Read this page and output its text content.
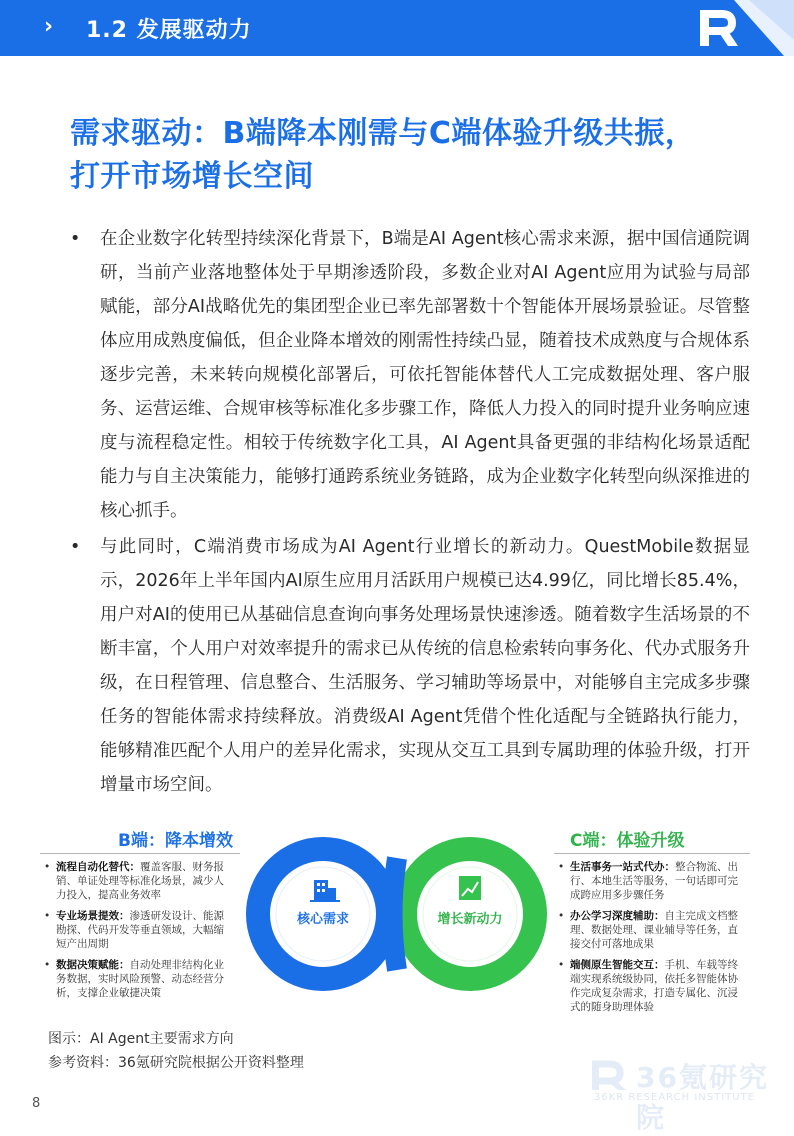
› 1.2 发展驱动力
需求驱动：B端降本刚需与C端体验升级共振，
打开市场增长空间
• 在企业数字化转型持续深化背景下，B端是AI Agent核心需求来源，据中国信通院调研，当前产业落地整体处于早期渗透阶段，多数企业对AI Agent应用为试验与局部赋能，部分AI战略优先的集团型企业已率先部署数十个智能体开展场景验证。尽管整体应用成熟度偏低，但企业降本增效的刚需性持续凸显，随着技术成熟度与合规体系逐步完善，未来转向规模化部署后，可依托智能体替代人工完成数据处理、客户服务、运营运维、合规审核等标准化多步骤工作，降低人力投入的同时提升业务响应速度与流程稳定性。相较于传统数字化工具，AI Agent具备更强的非结构化场景适配能力与自主决策能力，能够打通跨系统业务链路，成为企业数字化转型向纵深推进的核心抓手。
• 与此同时，C端消费市场成为AI Agent行业增长的新动力。QuestMobile数据显示，2026年上半年国内AI原生应用月活跃用户规模已达4.99亿，同比增长85.4%，用户对AI的使用已从基础信息查询向事务处理场景快速渗透。随着数字生活场景的不断丰富，个人用户对效率提升的需求已从传统的信息检索转向事务化、代办式服务升级，在日程管理、信息整合、生活服务、学习辅助等场景中，对能够自主完成多步骤任务的智能体需求持续释放。消费级AI Agent凭借个性化适配与全链路执行能力，能够精准匹配个人用户的差异化需求，实现从交互工具到专属助理的体验升级，打开增量市场空间。
B端：降本增效
• 流程自动化替代：覆盖客服、财务报销、单证处理等标准化场景，减少人力投入，提高业务效率
• 专业场景提效：渗透研发设计、能源勘探、代码开发等垂直领域，大幅缩短产出周期
• 数据决策赋能：自动处理非结构化业务数据，实时风险预警、动态经营分析，支撑企业敏捷决策
核心需求	增长新动力
C端：体验升级
• 生活事务一站式代办：整合物流、出行、本地生活等服务，一句话即可完成跨应用多步骤任务
• 办公学习深度辅助：自主完成文档整理、数据处理、课业辅导等任务，直接交付可落地成果
• 端侧原生智能交互：手机、车载等终端实现系统级协同，依托多智能体协作完成复杂需求，打造专属化、沉浸式的随身助理体验
图示：AI Agent主要需求方向
参考资料：36氪研究院根据公开资料整理
8
36氪研究院
36KR RESEARCH INSTITUTE
